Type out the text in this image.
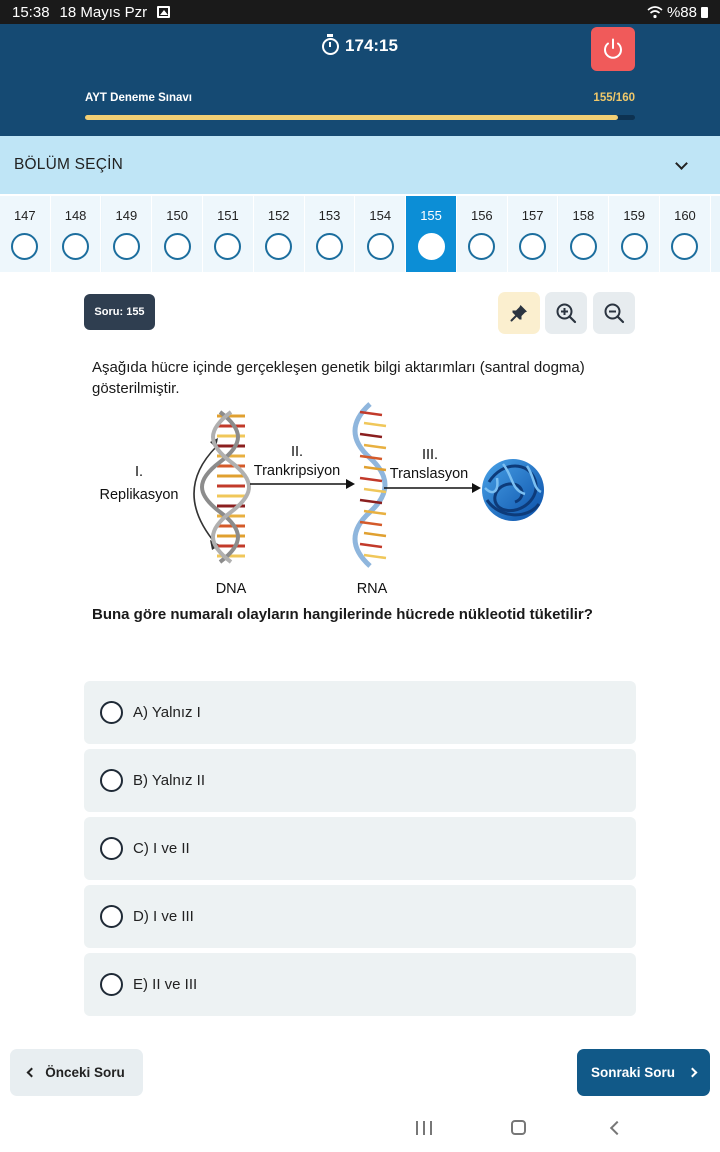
15:38 18 Mayıs Pzr	%88
174:15
AYT Deneme Sınavı	155/160
BÖLÜM SEÇİN
147 148 149 150 151 152 153 154 155 156 157 158 159 160
Soru: 155
Aşağıda hücre içinde gerçekleşen genetik bilgi aktarımları (santral dogma) gösterilmiştir.
I.
Replikasyon
II.
Trankripsiyon
III.
Translasyon
DNA	RNA
Buna göre numaralı olayların hangilerinde hücrede nükleotid tüketilir?
A) Yalnız I
B) Yalnız II
C) I ve II
D) I ve III
E) II ve III
Önceki Soru	Sonraki Soru
